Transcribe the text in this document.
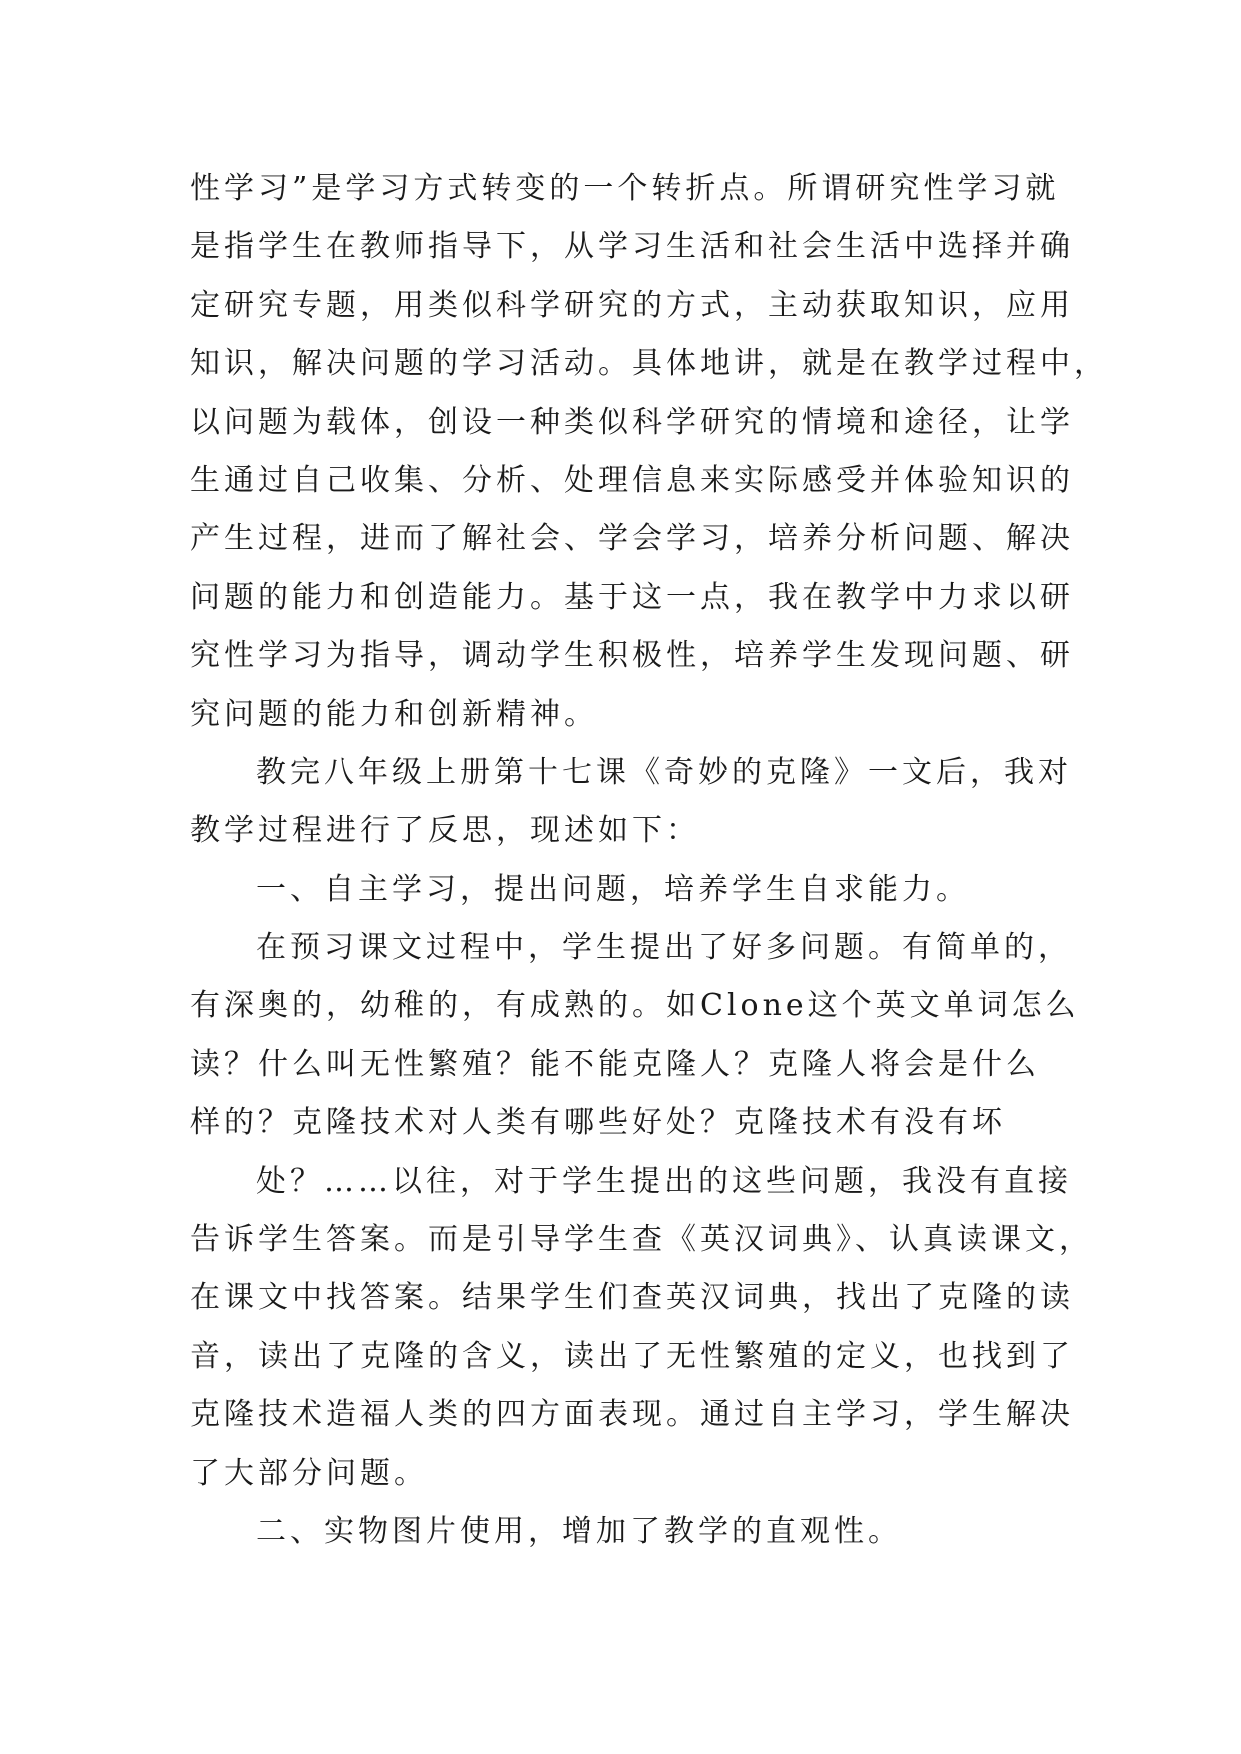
性学习”是学习方式转变的一个转折点。所谓研究性学习就
是指学生在教师指导下，从学习生活和社会生活中选择并确
定研究专题，用类似科学研究的方式，主动获取知识，应用
知识，解决问题的学习活动。具体地讲，就是在教学过程中，
以问题为载体，创设一种类似科学研究的情境和途径，让学
生通过自己收集、分析、处理信息来实际感受并体验知识的
产生过程，进而了解社会、学会学习，培养分析问题、解决
问题的能力和创造能力。基于这一点，我在教学中力求以研
究性学习为指导，调动学生积极性，培养学生发现问题、研
究问题的能力和创新精神。
教完八年级上册第十七课《奇妙的克隆》一文后，我对
教学过程进行了反思，现述如下：
一、自主学习，提出问题，培养学生自求能力。
在预习课文过程中，学生提出了好多问题。有简单的，
有深奥的，幼稚的，有成熟的。如Clone这个英文单词怎么
读？什么叫无性繁殖？能不能克隆人？克隆人将会是什么
样的？克隆技术对人类有哪些好处？克隆技术有没有坏
处？……以往，对于学生提出的这些问题，我没有直接
告诉学生答案。而是引导学生查《英汉词典》、认真读课文，
在课文中找答案。结果学生们查英汉词典，找出了克隆的读
音，读出了克隆的含义，读出了无性繁殖的定义，也找到了
克隆技术造福人类的四方面表现。通过自主学习，学生解决
了大部分问题。
二、实物图片使用，增加了教学的直观性。
